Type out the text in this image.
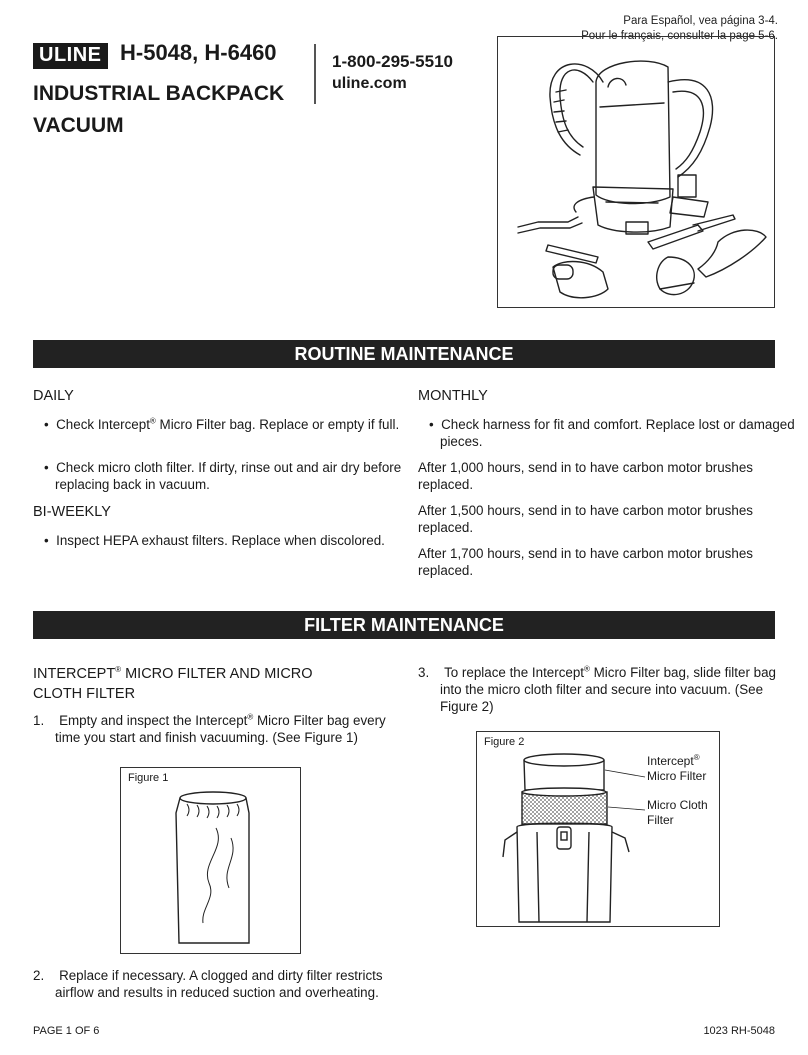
Para Español, vea página 3-4.
Pour le français, consulter la page 5-6.
ULINE H-5048, H-6460
INDUSTRIAL BACKPACK
VACUUM
1-800-295-5510
uline.com
ROUTINE MAINTENANCE
DAILY
•  Check Intercept® Micro Filter bag. Replace or empty if full.
•  Check micro cloth filter. If dirty, rinse out and air dry before replacing back in vacuum.
BI-WEEKLY
•  Inspect HEPA exhaust filters. Replace when discolored.
MONTHLY
•  Check harness for fit and comfort. Replace lost or damaged pieces.
After 1,000 hours, send in to have carbon motor brushes replaced.
After 1,500 hours, send in to have carbon motor brushes replaced.
After 1,700 hours, send in to have carbon motor brushes replaced.
FILTER MAINTENANCE
INTERCEPT® MICRO FILTER AND MICRO
CLOTH FILTER
1. Empty and inspect the Intercept® Micro Filter bag every time you start and finish vacuuming. (See Figure 1)
Figure 1
2. Replace if necessary. A clogged and dirty filter restricts airflow and results in reduced suction and overheating.
3. To replace the Intercept® Micro Filter bag, slide filter bag into the micro cloth filter and secure into vacuum. (See Figure 2)
Figure 2
Intercept®
Micro Filter
Micro Cloth
Filter
PAGE 1 OF 6	1023 RH-5048
